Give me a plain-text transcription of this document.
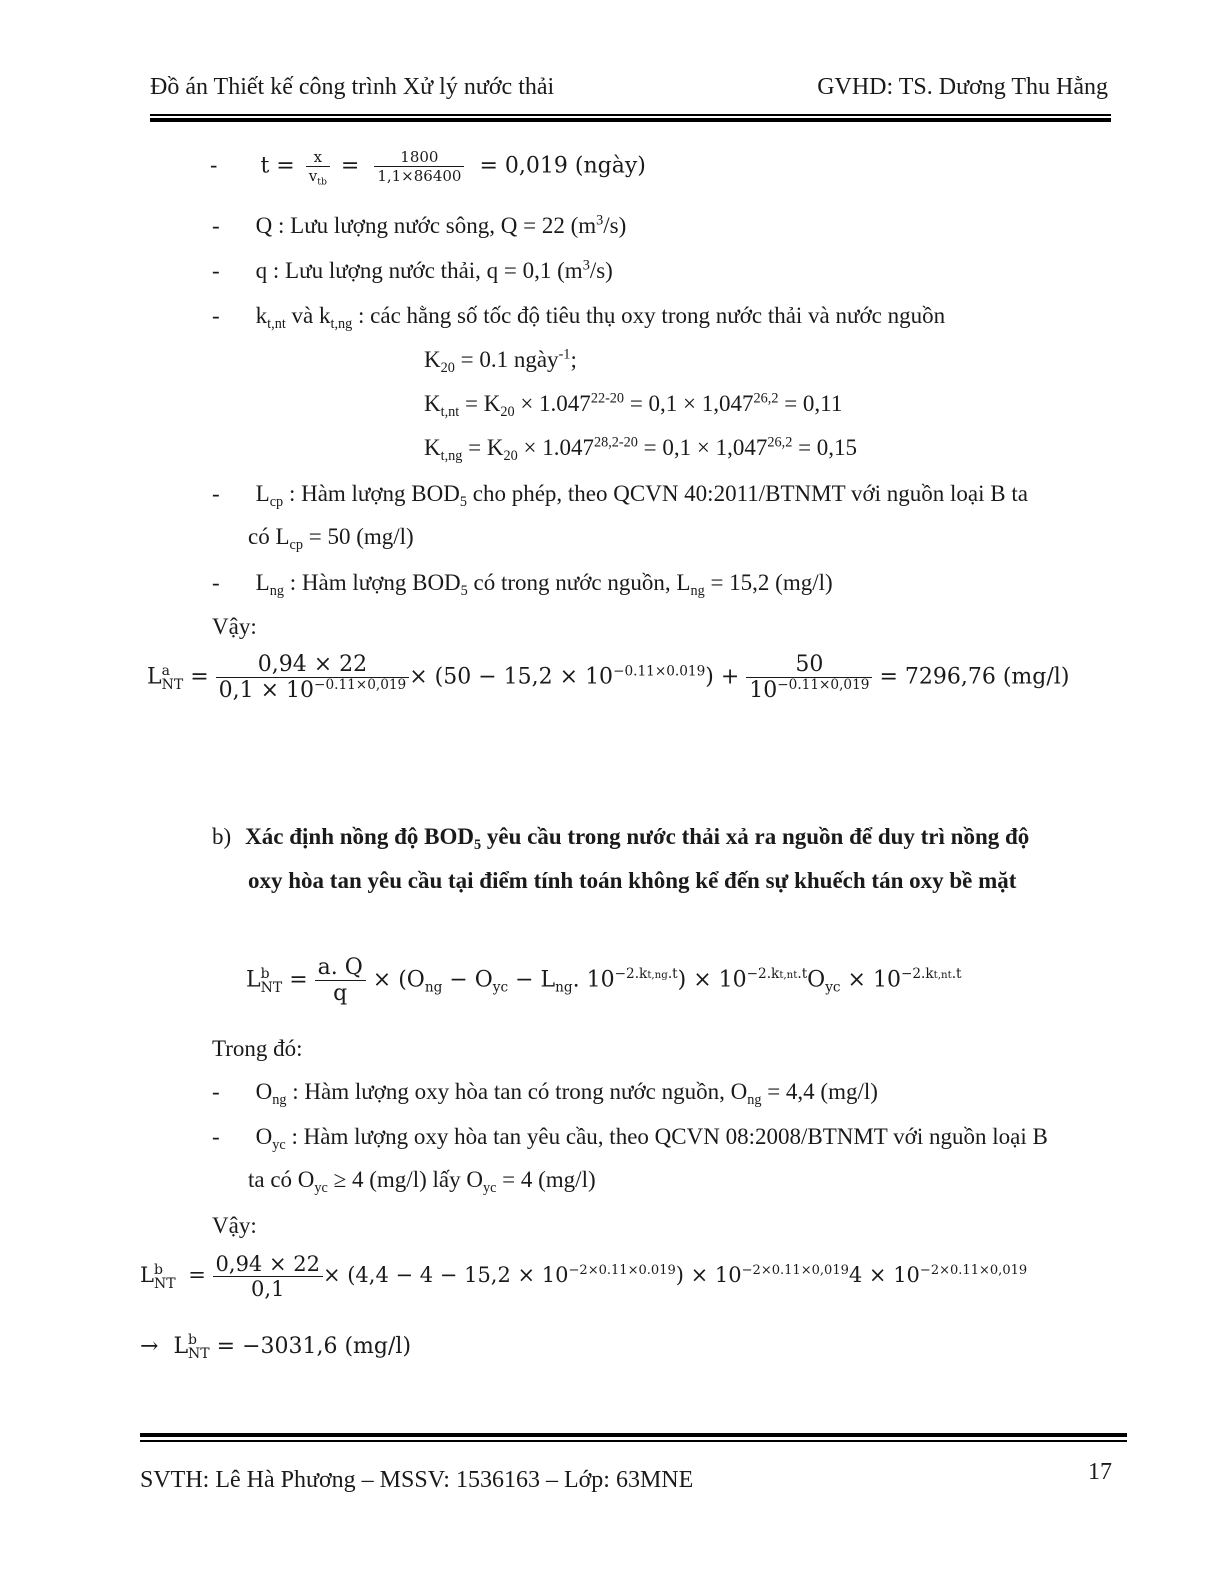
Đồ án Thiết kế công trình Xử lý nước thải	GVHD: TS. Dương Thu Hằng
- $t = \frac{x}{v_{tb}} = \frac{1800}{1,1\times 86400} = 0,019$ (ngày)
- Q : Lưu lượng nước sông, Q = 22 $(m^3/s)$
- q : Lưu lượng nước thải, q = 0,1 $(m^3/s)$
- $k_{t,nt}$ và $k_{t,ng}$ : các hằng số tốc độ tiêu thụ oxy trong nước thải và nước nguồn
$K_{20} = 0.1$ ngày$^{-1}$;
$K_{t,nt} = K_{20} \times 1.047^{22-20} = 0,1 \times 1,047^{26,2} = 0,11$
$K_{t,ng} = K_{20} \times 1.047^{28,2-20} = 0,1 \times 1,047^{26,2} = 0,15$
- $L_{cp}$ : Hàm lượng $BOD_5$ cho phép, theo QCVN 40:2011/BTNMT với nguồn loại B ta
có $L_{cp} = 50$ (mg/l)
- $L_{ng}$ : Hàm lượng $BOD_5$ có trong nước nguồn, $L_{ng} = 15,2$ (mg/l)
Vậy:
L a
NT = $\frac{0,94 \times 22}{0,1 \times 10^{-0.11\times 0,019}} \times (50 - 15,2 \times 10^{-0.11\times 0.019}) + \frac{50}{10^{-0.11\times 0,019}} = 7296,76$ (mg/l)
b) Xác định nồng độ $BOD_5$ yêu cầu trong nước thải xả ra nguồn để duy trì nồng độ
oxy hòa tan yêu cầu tại điểm tính toán không kể đến sự khuếch tán oxy bề mặt
L b
NT = $\frac{a. Q}{q} \times (O_{ng} - O_{yc} - L_{ng}$. $10^{-2.kt,ng.t}) \times 10^{-2.kt,nt.t}O_{yc} \times 10^{-2.kt,nt.t}$
Trong đó:
- $O_{ng}$ : Hàm lượng oxy hòa tan có trong nước nguồn, $O_{ng} = 4,4$ (mg/l)
- $O_{yc}$ : Hàm lượng oxy hòa tan yêu cầu, theo QCVN 08:2008/BTNMT với nguồn loại B
ta có $O_{yc} \ge 4$ (mg/l) lấy $O_{yc} = 4$ (mg/l)
Vậy:
L b
NT = $\frac{0,94 \times 22}{0,1} \times (4,4 - 4 - 15,2 \times 10^{-2\times 0.11\times 0.019}) \times 10^{-2\times 0.11\times 0,019}4 \times 10^{-2\times 0.11\times 0,019}$
→ L b
NT = −3031,6 (mg/l)
SVTH: Lê Hà Phương – MSSV: 1536163 – Lớp: 63MNE	17
